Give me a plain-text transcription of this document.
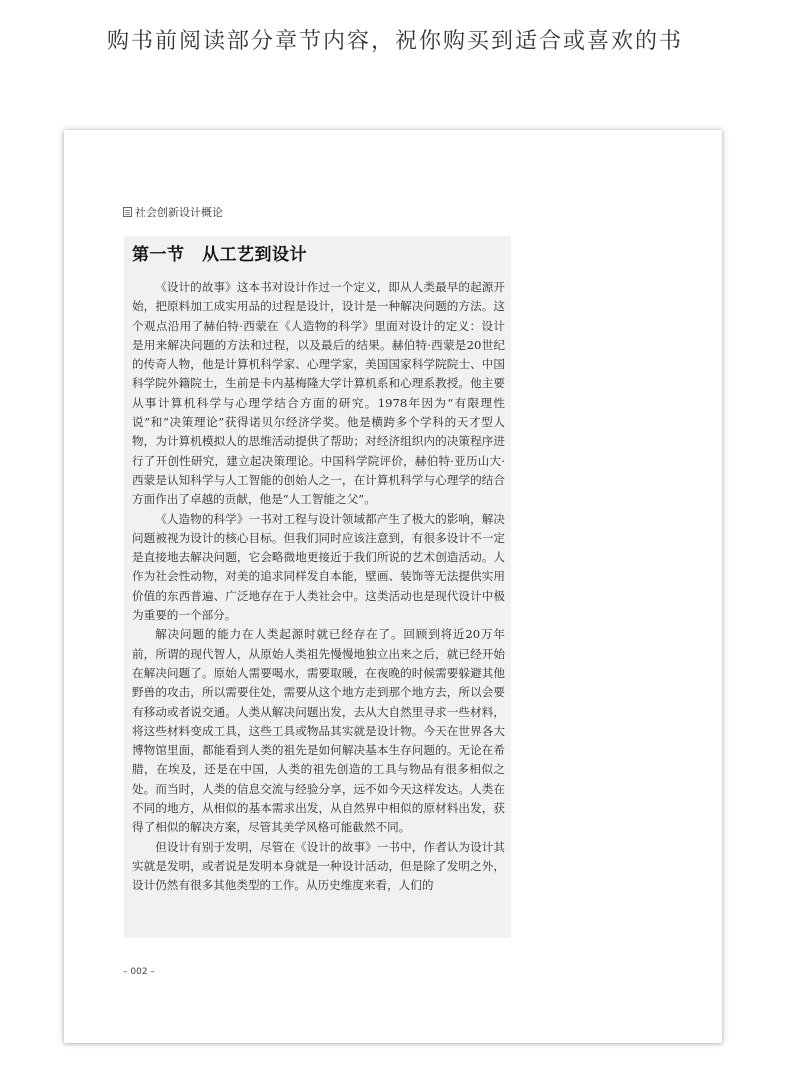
购书前阅读部分章节内容，祝你购买到适合或喜欢的书
社会创新设计概论
第一节　从工艺到设计

《设计的故事》这本书对设计作过一个定义，即从人类最早的起源开始，把原料加工成实用品的过程是设计，设计是一种解决问题的方法。这个观点沿用了赫伯特·西蒙在《人造物的科学》里面对设计的定义：设计是用来解决问题的方法和过程，以及最后的结果。赫伯特·西蒙是20世纪的传奇人物，他是计算机科学家、心理学家，美国国家科学院院士、中国科学院外籍院士，生前是卡内基梅隆大学计算机系和心理系教授。他主要从事计算机科学与心理学结合方面的研究。1978年因为“有限理性说”和“决策理论”获得诺贝尔经济学奖。他是横跨多个学科的天才型人物，为计算机模拟人的思维活动提供了帮助；对经济组织内的决策程序进行了开创性研究，建立起决策理论。中国科学院评价，赫伯特·亚历山大·西蒙是认知科学与人工智能的创始人之一，在计算机科学与心理学的结合方面作出了卓越的贡献，他是“人工智能之父”。

《人造物的科学》一书对工程与设计领域都产生了极大的影响，解决问题被视为设计的核心目标。但我们同时应该注意到，有很多设计不一定是直接地去解决问题，它会略微地更接近于我们所说的艺术创造活动。人作为社会性动物，对美的追求同样发自本能，壁画、装饰等无法提供实用价值的东西普遍、广泛地存在于人类社会中。这类活动也是现代设计中极为重要的一个部分。

解决问题的能力在人类起源时就已经存在了。回顾到将近20万年前，所谓的现代智人，从原始人类祖先慢慢地独立出来之后，就已经开始在解决问题了。原始人需要喝水，需要取暖，在夜晚的时候需要躲避其他野兽的攻击，所以需要住处，需要从这个地方走到那个地方去，所以会要有移动或者说交通。人类从解决问题出发，去从大自然里寻求一些材料，将这些材料变成工具，这些工具或物品其实就是设计物。今天在世界各大博物馆里面，都能看到人类的祖先是如何解决基本生存问题的。无论在希腊，在埃及，还是在中国，人类的祖先创造的工具与物品有很多相似之处。而当时，人类的信息交流与经验分享，远不如今天这样发达。人类在不同的地方，从相似的基本需求出发，从自然界中相似的原材料出发，获得了相似的解决方案，尽管其美学风格可能截然不同。

但设计有别于发明，尽管在《设计的故事》一书中，作者认为设计其实就是发明，或者说是发明本身就是一种设计活动，但是除了发明之外，设计仍然有很多其他类型的工作。从历史维度来看，人们的

– 002 –
